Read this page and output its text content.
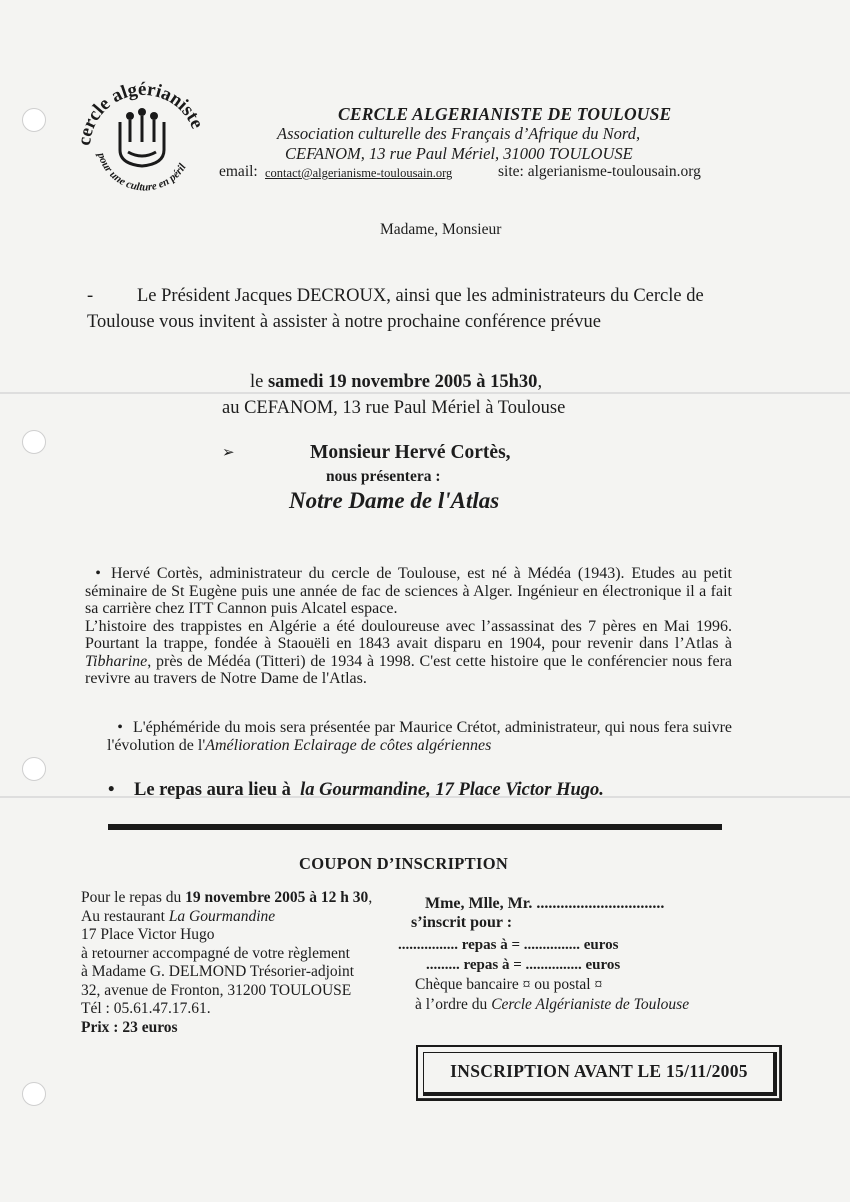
cercle algérianiste
pour une culture en péril
CERCLE ALGERIANISTE DE TOULOUSE
Association culturelle des Français d’Afrique du Nord,
CEFANOM, 13 rue Paul Mériel, 31000 TOULOUSE
email: contact@algerianisme-toulousain.org	site: algerianisme-toulousain.org
Madame, Monsieur
- Le Président Jacques DECROUX, ainsi que les administrateurs du Cercle de Toulouse vous invitent à assister à notre prochaine conférence prévue
le samedi 19 novembre 2005 à 15h30,
au CEFANOM, 13 rue Paul Mériel à Toulouse
➢	Monsieur Hervé Cortès,
nous présentera :
Notre Dame de l'Atlas
• Hervé Cortès, administrateur du cercle de Toulouse, est né à Médéa (1943). Etudes au petit séminaire de St Eugène puis une année de fac de sciences à Alger. Ingénieur en électronique il a fait sa carrière chez ITT Cannon puis Alcatel espace.
L’histoire des trappistes en Algérie a été douloureuse avec l’assassinat des 7 pères en Mai 1996. Pourtant la trappe, fondée à Staouëli en 1843 avait disparu en 1904, pour revenir dans l’Atlas à Tibharine, près de Médéa (Titteri) de 1934 à 1998. C'est cette histoire que le conférencier nous fera revivre au travers de Notre Dame de l'Atlas.
• L'éphéméride du mois sera présentée par Maurice Crétot, administrateur, qui nous fera suivre l'évolution de l'Amélioration Eclairage de côtes algériennes
• Le repas aura lieu à la Gourmandine, 17 Place Victor Hugo.
COUPON D’INSCRIPTION
Pour le repas du 19 novembre 2005 à 12 h 30,
Au restaurant La Gourmandine
17 Place Victor Hugo
à retourner accompagné de votre règlement
à Madame G. DELMOND Trésorier-adjoint
32, avenue de Fronton, 31200 TOULOUSE
Tél : 05.61.47.17.61.
Prix : 23 euros
Mme, Mlle, Mr. ................................
s’inscrit pour :
................ repas à = ............... euros
......... repas à = ............... euros
Chèque bancaire ¤ ou postal ¤
à l’ordre du Cercle Algérianiste de Toulouse
INSCRIPTION AVANT LE 15/11/2005
